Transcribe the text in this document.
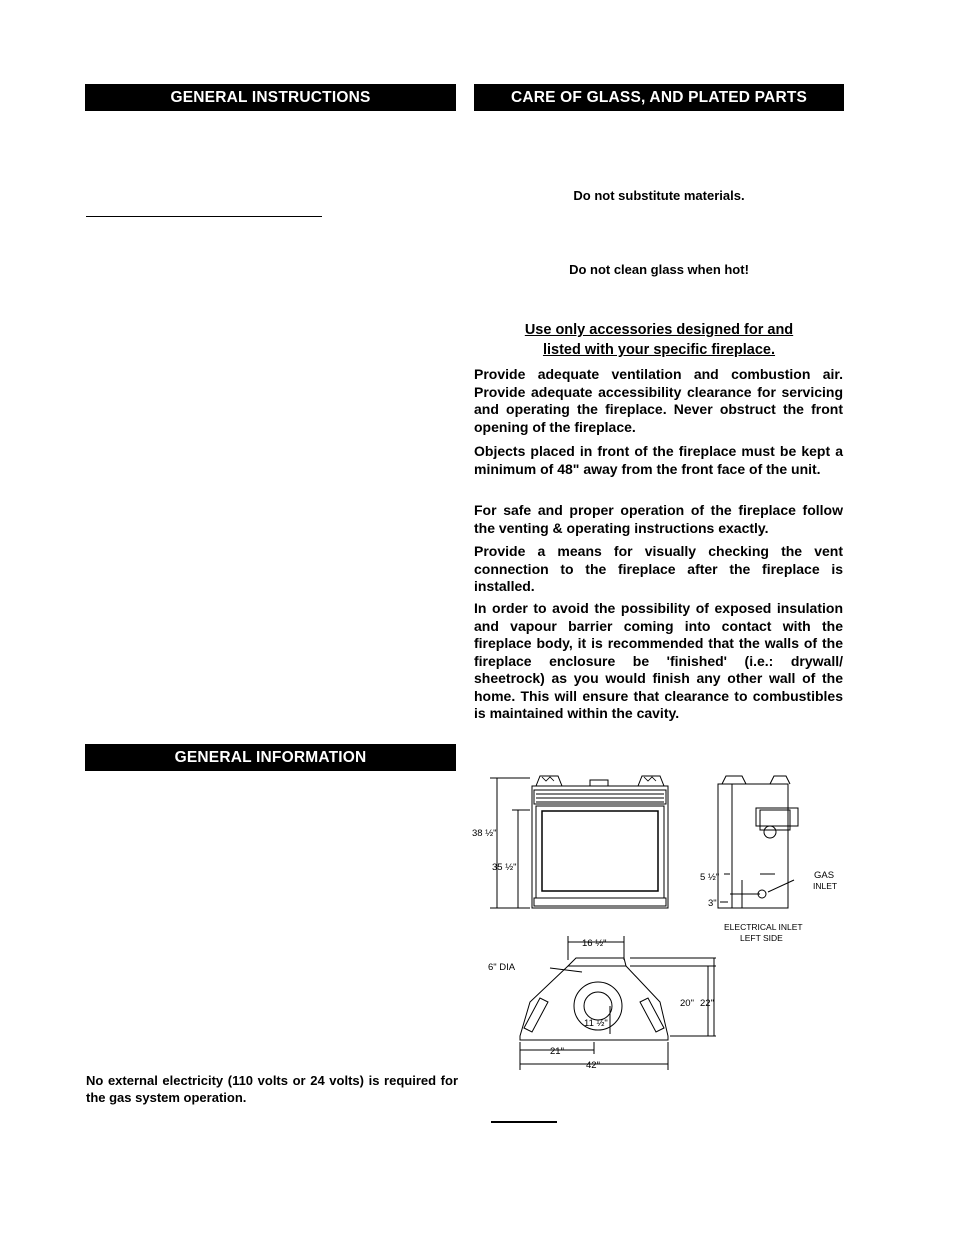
GENERAL INSTRUCTIONS
GENERAL INFORMATION
No external electricity (110 volts or 24 volts) is required for the gas system operation.
CARE OF GLASS, AND PLATED PARTS
Do not substitute materials.
Do not clean glass when hot!
Use only accessories designed for and
listed with your specific fireplace.
Provide adequate ventilation and combustion air. Provide adequate accessibility clearance for servicing and operating the fireplace. Never obstruct the front opening of the fireplace.
Objects placed in front of the fireplace must be kept a minimum of 48" away from the front face of the unit.
For safe and proper operation of the fireplace follow the venting & operating instructions exactly.
Provide a means for visually checking the vent connection to the fireplace after the fireplace is installed.
In order to avoid the possibility of exposed insulation and vapour barrier coming into contact with the fireplace body, it is recommended that the walls of the fireplace enclosure be 'finished' (i.e.: drywall/ sheetrock) as you would finish any other wall of the home. This will ensure that clearance to combustibles is maintained within the cavity.
38 ½"
35 ½"
5 ½"
3"
GAS
INLET
ELECTRICAL INLET
LEFT SIDE
6" DIA
16 ½"
20" 22"
11 ½"
21"
42"
